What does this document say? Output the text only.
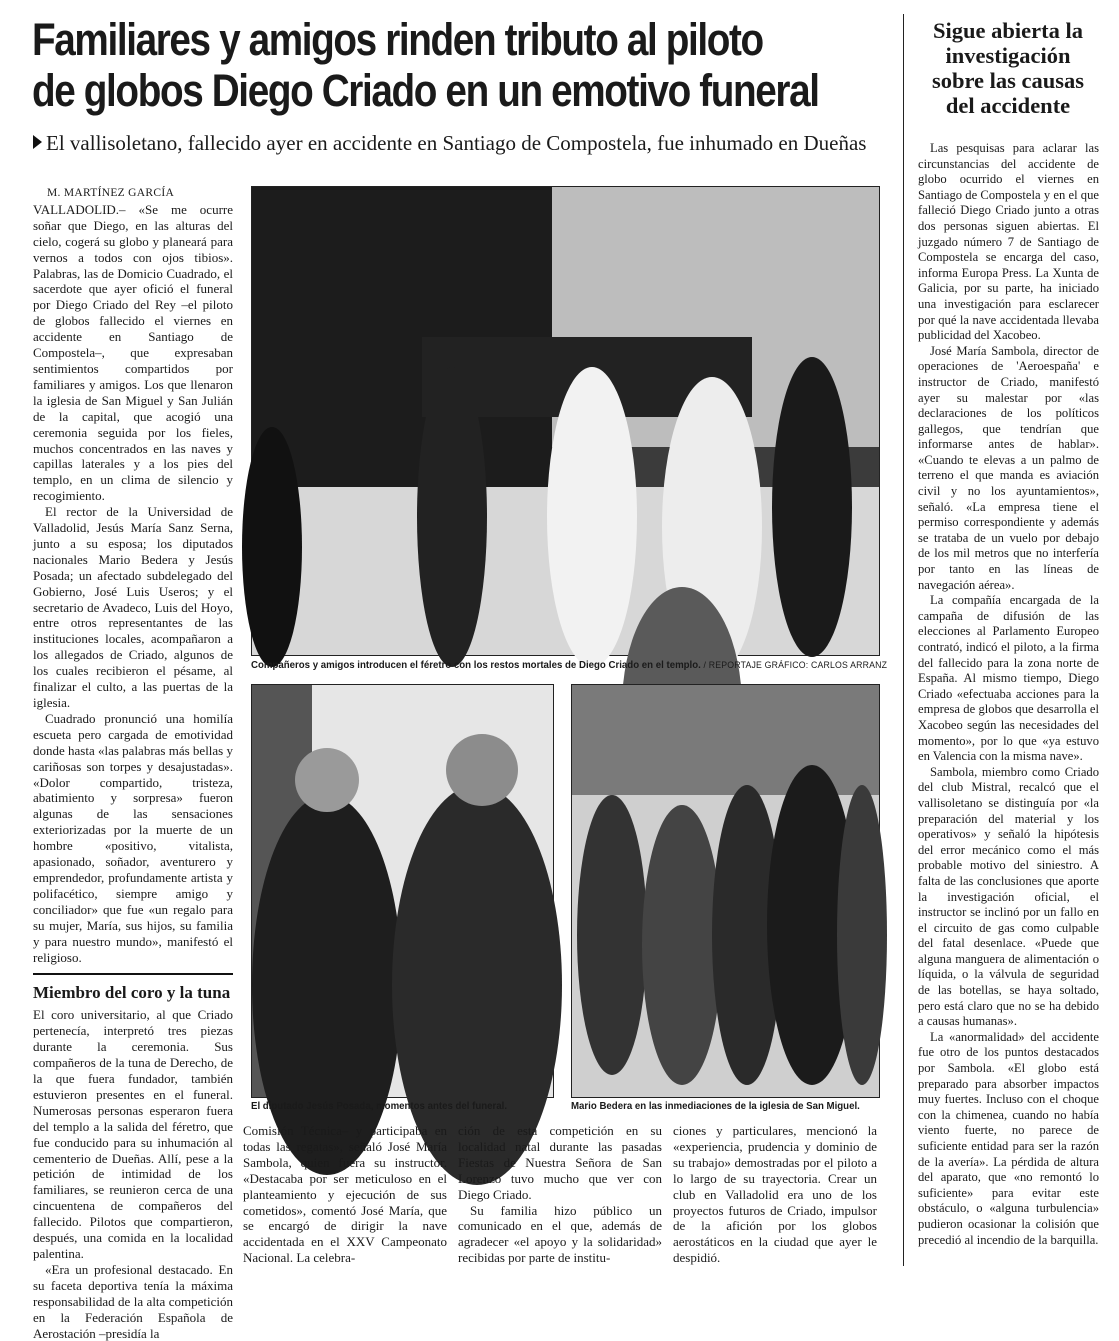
Familiares y amigos rinden tributo al piloto
de globos Diego Criado en un emotivo funeral
El vallisoletano, fallecido ayer en accidente en Santiago de Compostela, fue inhumado en Dueñas

M. MARTÍNEZ GARCÍA

VALLADOLID.– «Se me ocurre soñar que Diego, en las alturas del cielo, cogerá su globo y planeará para vernos a todos con ojos tibios». Palabras, las de Domicio Cuadrado, el sacerdote que ayer ofició el funeral por Diego Criado del Rey –el piloto de globos fallecido el viernes en accidente en Santiago de Compostela–, que expresaban sentimientos compartidos por familiares y amigos. Los que llenaron la iglesia de San Miguel y San Julián de la capital, que acogió una ceremonia seguida por los fieles, muchos concentrados en las naves y capillas laterales y a los pies del templo, en un clima de silencio y recogimiento.

El rector de la Universidad de Valladolid, Jesús María Sanz Serna, junto a su esposa; los diputados nacionales Mario Bedera y Jesús Posada; un afectado subdelegado del Gobierno, José Luis Useros; y el secretario de Avadeco, Luis del Hoyo, entre otros representantes de las instituciones locales, acompañaron a los allegados de Criado, algunos de los cuales recibieron el pésame, al finalizar el culto, a las puertas de la iglesia.

Cuadrado pronunció una homilía escueta pero cargada de emotividad donde hasta «las palabras más bellas y cariñosas son torpes y desajustadas». «Dolor compartido, tristeza, abatimiento y sorpresa» fueron algunas de las sensaciones exteriorizadas por la muerte de un hombre «positivo, vitalista, apasionado, soñador, aventurero y emprendedor, profundamente artista y polifacético, siempre amigo y conciliador» que fue «un regalo para su mujer, María, sus hijos, su familia y para nuestro mundo», manifestó el religioso.

Miembro del coro y la tuna

El coro universitario, al que Criado pertenecía, interpretó tres piezas durante la ceremonia. Sus compañeros de la tuna de Derecho, de la que fuera fundador, también estuvieron presentes en el funeral. Numerosas personas esperaron fuera del templo a la salida del féretro, que fue conducido para su inhumación al cementerio de Dueñas. Allí, pese a la petición de intimidad de los familiares, se reunieron cerca de una cincuentena de compañeros del fallecido. Pilotos que compartieron, después, una comida en la localidad palentina.

«Era un profesional destacado. En su faceta deportiva tenía la máxima responsabilidad de la alta competición en la Federación Española de Aerostación –presidía la

Compañeros y amigos introducen el féretro con los restos mortales de Diego Criado en el templo. / REPORTAJE GRÁFICO: CARLOS ARRANZ
El diputado Jesús Posada, momentos antes del funeral.	Mario Bedera en las inmediaciones de la iglesia de San Miguel.

Comisión Técnica– y participaba en todas las regatas», señaló José María Sambola, quien fuera su instructor. «Destacaba por ser meticuloso en el planteamiento y ejecución de sus cometidos», comentó José María, que se encargó de dirigir la nave accidentada en el XXV Campeonato Nacional. La celebra-

ción de esta competición en su localidad natal durante las pasadas Fiestas de Nuestra Señora de San Lorenzo tuvo mucho que ver con Diego Criado.

Su familia hizo público un comunicado en el que, además de agradecer «el apoyo y la solidaridad» recibidas por parte de institu-

ciones y particulares, mencionó la «experiencia, prudencia y dominio de su trabajo» demostradas por el piloto a lo largo de su trayectoria. Crear un club en Valladolid era uno de los proyectos futuros de Criado, impulsor de la afición por los globos aerostáticos en la ciudad que ayer le despidió.

Sigue abierta la investigación sobre las causas del accidente

Las pesquisas para aclarar las circunstancias del accidente de globo ocurrido el viernes en Santiago de Compostela y en el que falleció Diego Criado junto a otras dos personas siguen abiertas. El juzgado número 7 de Santiago de Compostela se encarga del caso, informa Europa Press. La Xunta de Galicia, por su parte, ha iniciado una investigación para esclarecer por qué la nave accidentada llevaba publicidad del Xacobeo.

José María Sambola, director de operaciones de 'Aeroespaña' e instructor de Criado, manifestó ayer su malestar por «las declaraciones de los políticos gallegos, que tendrían que informarse antes de hablar». «Cuando te elevas a un palmo de terreno el que manda es aviación civil y no los ayuntamientos», señaló. «La empresa tiene el permiso correspondiente y además se trataba de un vuelo por debajo de los mil metros que no interfería por tanto en las líneas de navegación aérea».

La compañía encargada de la campaña de difusión de las elecciones al Parlamento Europeo contrató, indicó el piloto, a la firma del fallecido para la zona norte de España. Al mismo tiempo, Diego Criado «efectuaba acciones para la empresa de globos que desarrolla el Xacobeo según las necesidades del momento», por lo que «ya estuvo en Valencia con la misma nave».

Sambola, miembro como Criado del club Mistral, recalcó que el vallisoletano se distinguía por «la preparación del material y los operativos» y señaló la hipótesis del error mecánico como el más probable motivo del siniestro. A falta de las conclusiones que aporte la investigación oficial, el instructor se inclinó por un fallo en el circuito de gas como culpable del fatal desenlace. «Puede que alguna manguera de alimentación o líquida, o la válvula de seguridad de las botellas, se haya soltado, pero está claro que no se ha debido a causas humanas».

La «anormalidad» del accidente fue otro de los puntos destacados por Sambola. «El globo está preparado para absorber impactos muy fuertes. Incluso con el choque con la chimenea, cuando no había viento fuerte, no parece de suficiente entidad para ser la razón de la avería». La pérdida de altura del aparato, que «no remontó lo suficiente» para evitar este obstáculo, o «alguna turbulencia» pudieron ocasionar la colisión que precedió al incendio de la barquilla.
